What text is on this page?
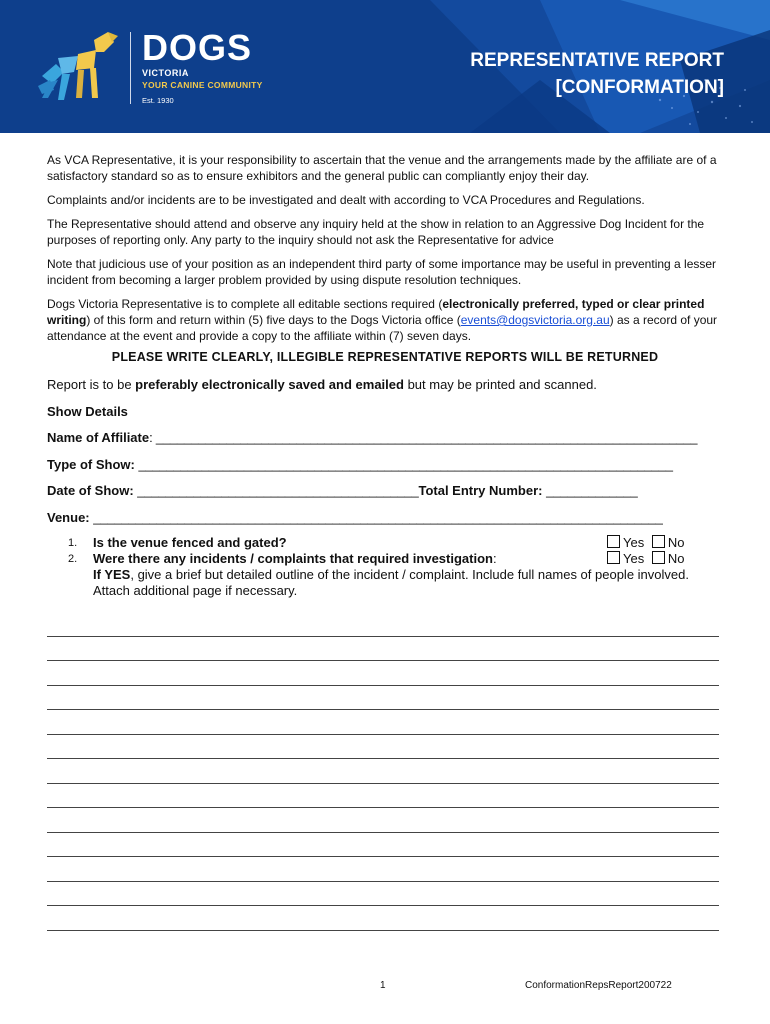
DOGS
VICTORIA
YOUR CANINE COMMUNITY
Est. 1930
REPRESENTATIVE REPORT
[CONFORMATION]

As VCA Representative, it is your responsibility to ascertain that the venue and the arrangements made by the affiliate are of a satisfactory standard so as to ensure exhibitors and the general public can compliantly enjoy their day.

Complaints and/or incidents are to be investigated and dealt with according to VCA Procedures and Regulations.

The Representative should attend and observe any inquiry held at the show in relation to an Aggressive Dog Incident for the purposes of reporting only. Any party to the inquiry should not ask the Representative for advice

Note that judicious use of your position as an independent third party of some importance may be useful in preventing a lesser incident from becoming a larger problem provided by using dispute resolution techniques.

Dogs Victoria Representative is to complete all editable sections required (electronically preferred, typed or clear printed writing) of this form and return within (5) five days to the Dogs Victoria office (events@dogsvictoria.org.au) as a record of your attendance at the event and provide a copy to the affiliate within (7) seven days.

PLEASE WRITE CLEARLY, ILLEGIBLE REPRESENTATIVE REPORTS WILL BE RETURNED
Report is to be preferably electronically saved and emailed but may be printed and scanned.
Show Details
Name of Affiliate: _____________________________________________________________________________
Type of Show: ____________________________________________________________________________
Date of Show: ________________________________________Total Entry Number: _____________
Venue: _________________________________________________________________________________
1. Is the venue fenced and gated?	Yes No
2. Were there any incidents / complaints that required investigation:	Yes No
If YES, give a brief but detailed outline of the incident / complaint. Include full names of people involved. Attach additional page if necessary.
1	ConformationRepsReport200722
